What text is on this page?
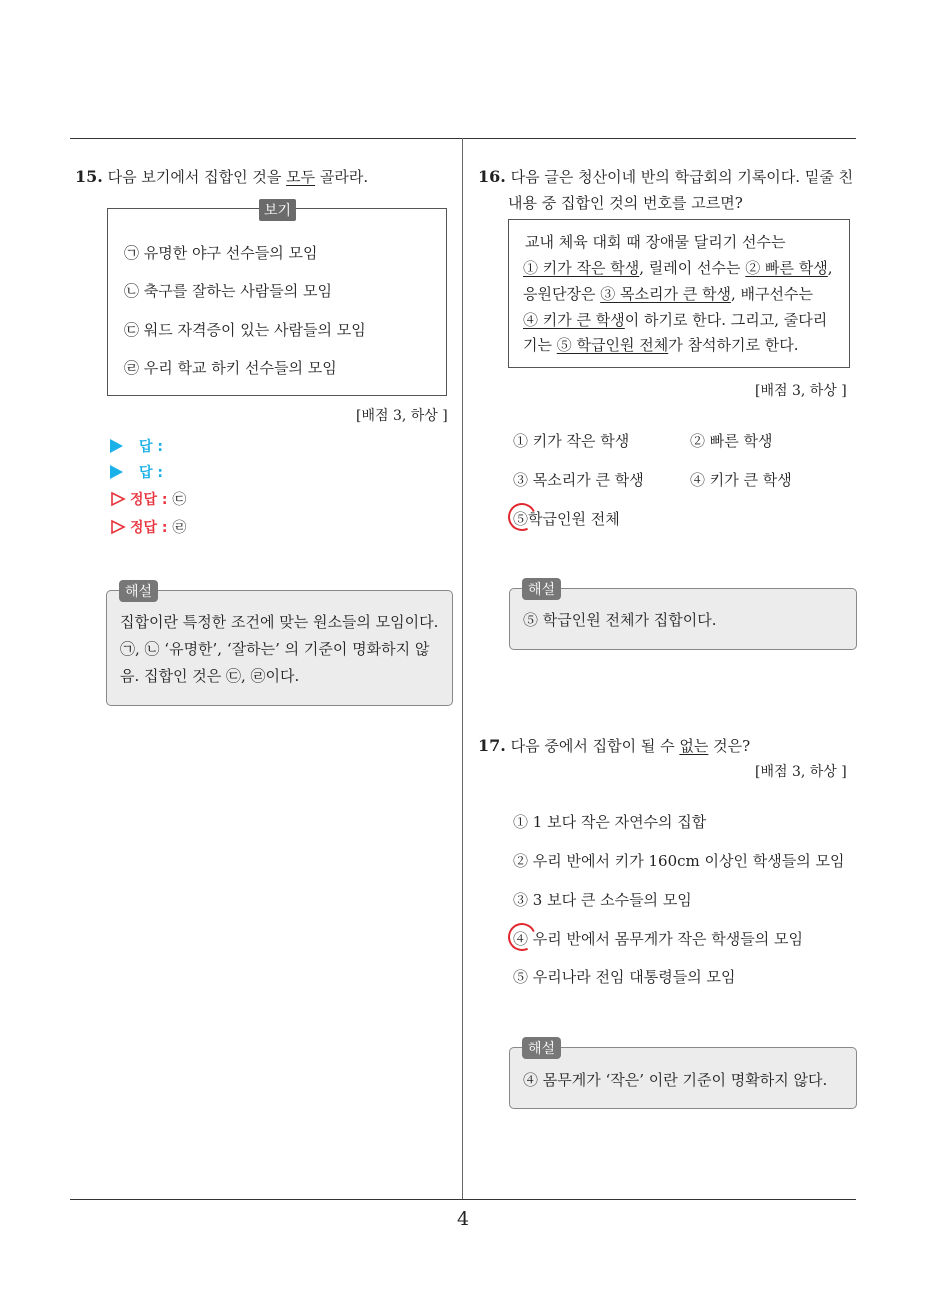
15. 다음 보기에서 집합인 것을 모두 골라라.
보기
㉠ 유명한 야구 선수들의 모임
㉡ 축구를 잘하는 사람들의 모임
㉢ 워드 자격증이 있는 사람들의 모임
㉣ 우리 학교 하키 선수들의 모임
[배점 3, 하상 ]
답 :
답 :
정답 : ㉢
정답 : ㉣
해설
집합이란 특정한 조건에 맞는 원소들의 모임이다.
㉠, ㉡ ‘유명한’, ‘잘하는’ 의 기준이 명화하지 않
음. 집합인 것은 ㉢, ㉣이다.
16. 다음 글은 청산이네 반의 학급회의 기록이다. 밑줄 친
내용 중 집합인 것의 번호를 고르면?
교내 체육 대회 때 장애물 달리기 선수는
① 키가 작은 학생, 릴레이 선수는 ② 빠른 학생,
응원단장은 ③ 목소리가 큰 학생, 배구선수는
④ 키가 큰 학생이 하기로 한다. 그리고, 줄다리
기는 ⑤ 학급인원 전체가 참석하기로 한다.
[배점 3, 하상 ]
① 키가 작은 학생	② 빠른 학생
③ 목소리가 큰 학생	④ 키가 큰 학생
⑤학급인원 전체
해설
⑤ 학급인원 전체가 집합이다.
17. 다음 중에서 집합이 될 수 없는 것은?
[배점 3, 하상 ]
① 1 보다 작은 자연수의 집합
② 우리 반에서 키가 160cm 이상인 학생들의 모임
③ 3 보다 큰 소수들의 모임
④ 우리 반에서 몸무게가 작은 학생들의 모임
⑤ 우리나라 전임 대통령들의 모임
해설
④ 몸무게가 ‘작은’ 이란 기준이 명확하지 않다.
4
